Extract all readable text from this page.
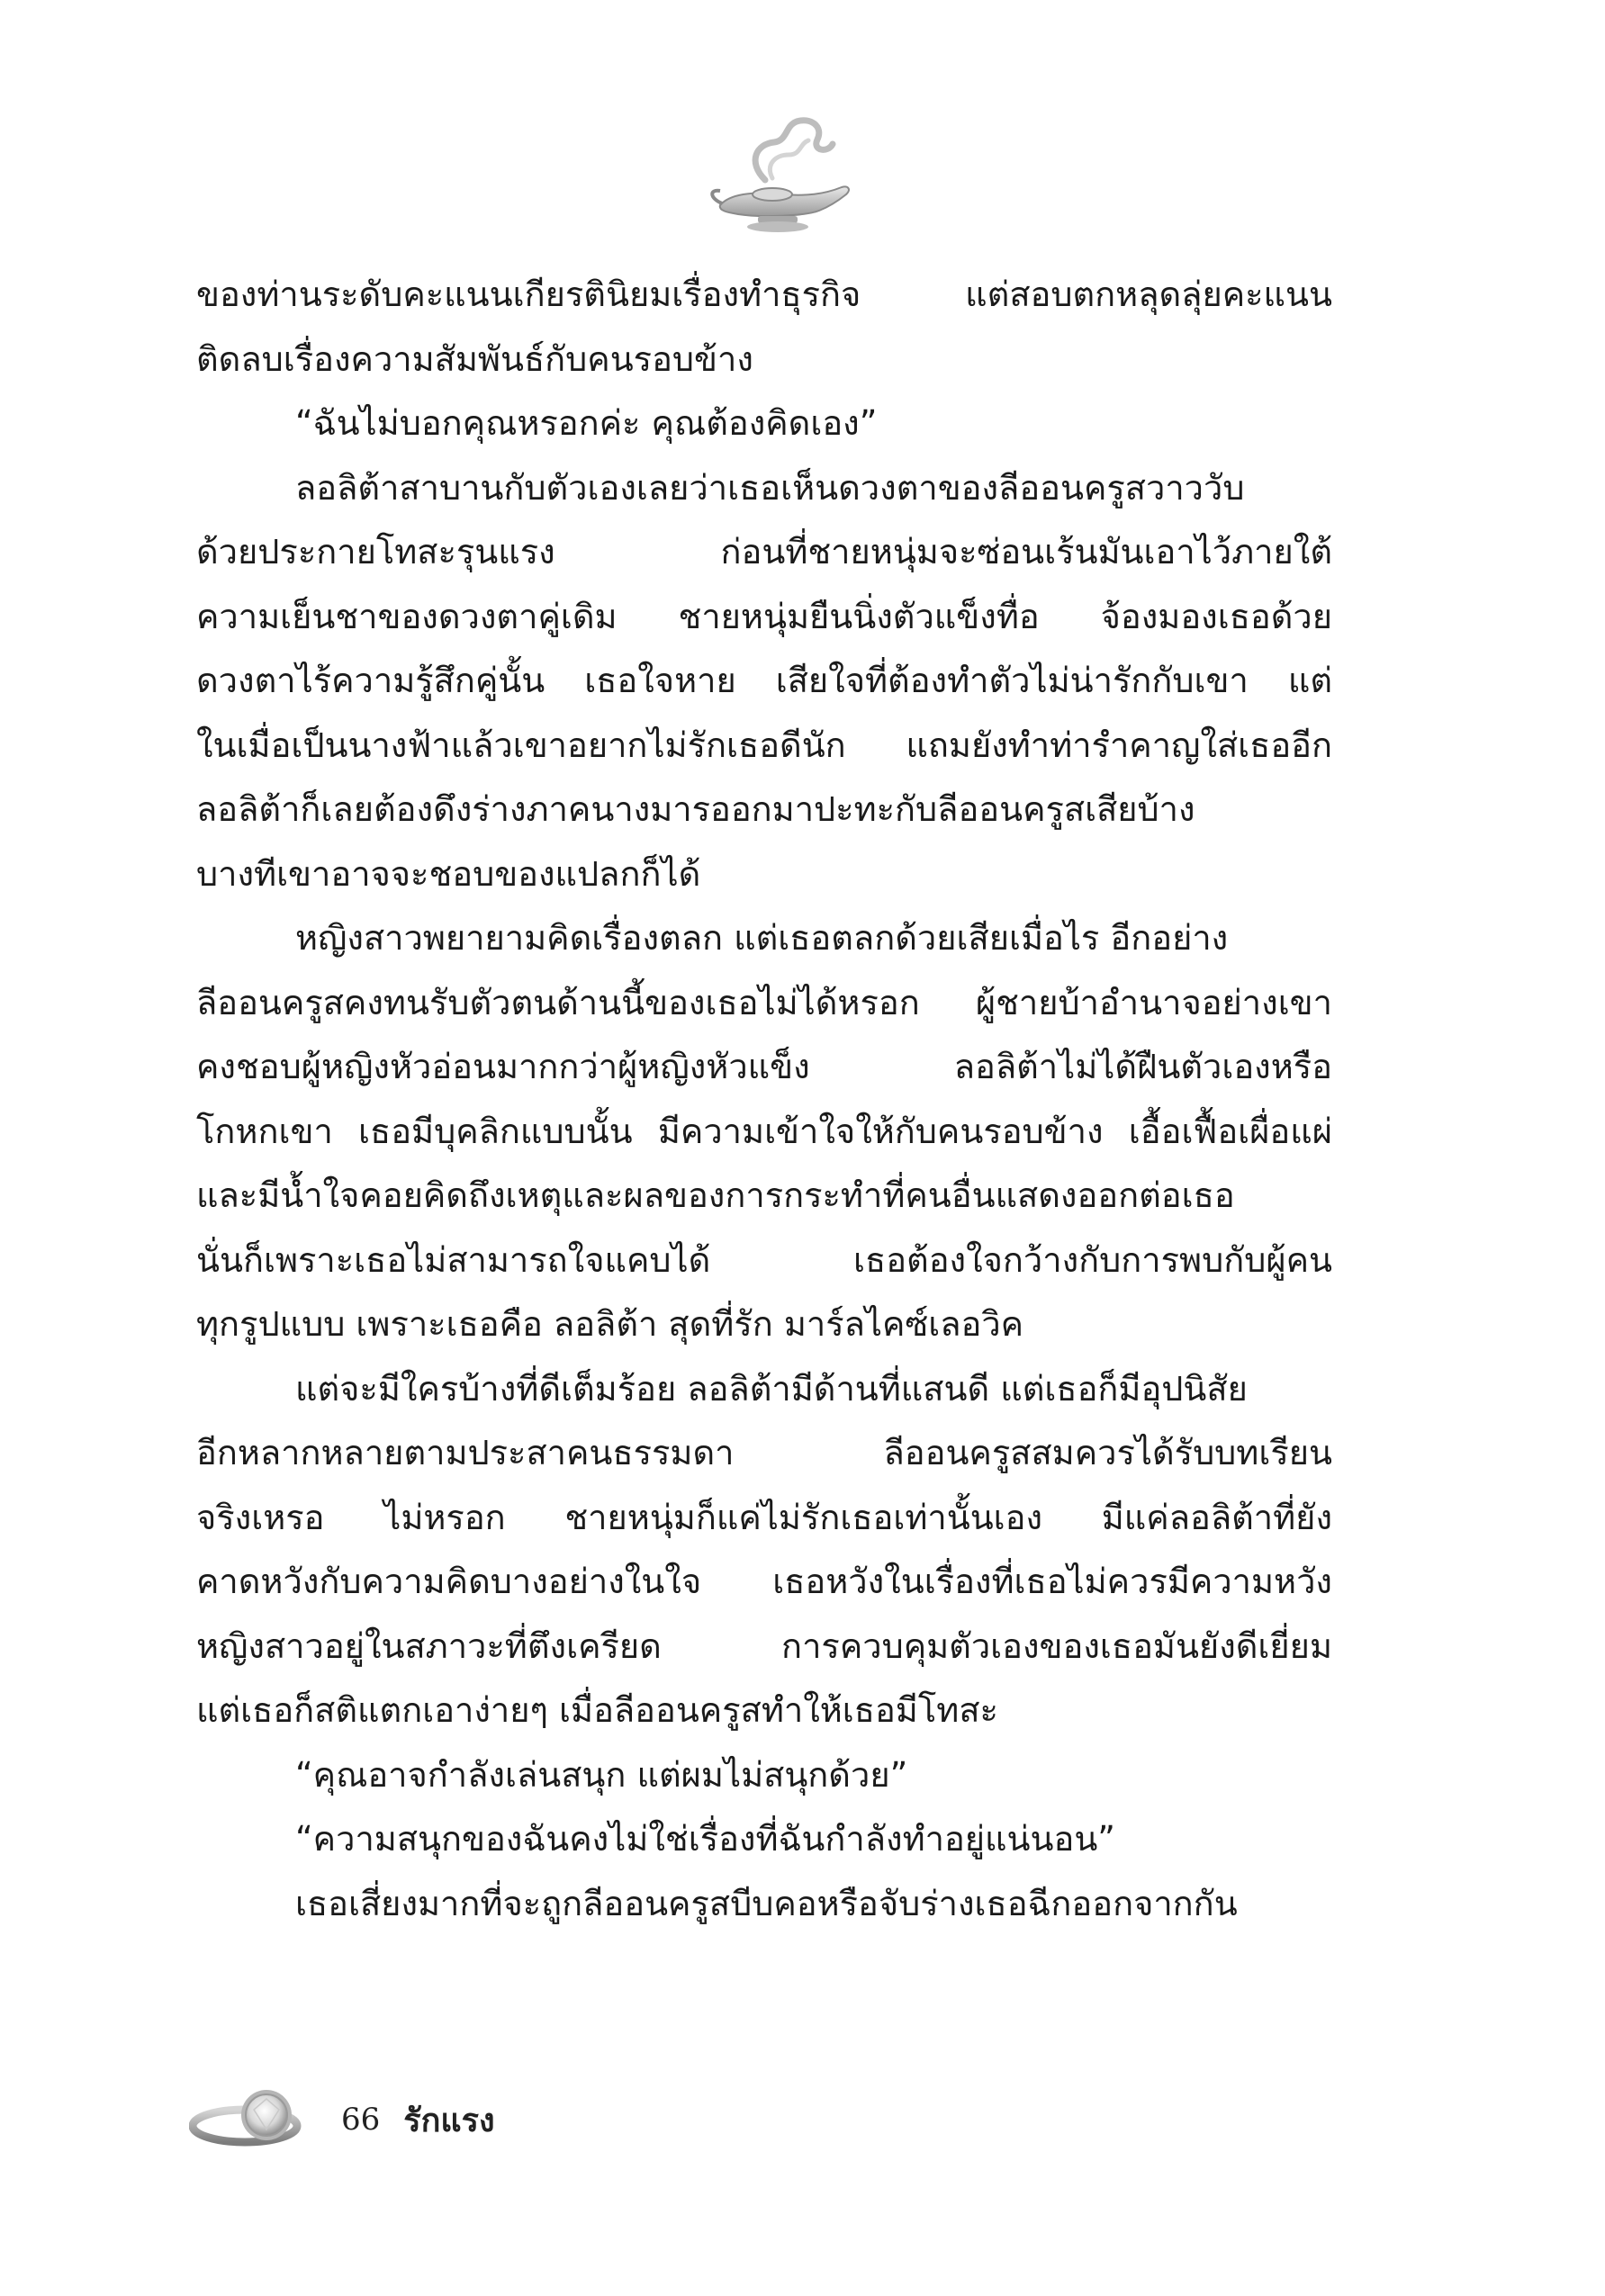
ของท่านระดับคะแนนเกียรตินิยมเรื่องทำธุรกิจ แต่สอบตกหลุดลุ่ยคะแนน
ติดลบเรื่องความสัมพันธ์กับคนรอบข้าง

“ฉันไม่บอกคุณหรอกค่ะ คุณต้องคิดเอง”

ลอลิต้าสาบานกับตัวเองเลยว่าเธอเห็นดวงตาของลีออนครูสวาววับ

ด้วยประกายโทสะรุนแรง ก่อนที่ชายหนุ่มจะซ่อนเร้นมันเอาไว้ภายใต้
ความเย็นชาของดวงตาคู่เดิม ชายหนุ่มยืนนิ่งตัวแข็งทื่อ จ้องมองเธอด้วย
ดวงตาไร้ความรู้สึกคู่นั้น เธอใจหาย เสียใจที่ต้องทำตัวไม่น่ารักกับเขา แต่
ในเมื่อเป็นนางฟ้าแล้วเขาอยากไม่รักเธอดีนัก แถมยังทำท่ารำคาญใส่เธออีก
ลอลิต้าก็เลยต้องดึงร่างภาคนางมารออกมาปะทะกับลีออนครูสเสียบ้าง
บางทีเขาอาจจะชอบของแปลกก็ได้

หญิงสาวพยายามคิดเรื่องตลก แต่เธอตลกด้วยเสียเมื่อไร อีกอย่าง

ลีออนครูสคงทนรับตัวตนด้านนี้ของเธอไม่ได้หรอก ผู้ชายบ้าอำนาจอย่างเขา
คงชอบผู้หญิงหัวอ่อนมากกว่าผู้หญิงหัวแข็ง ลอลิต้าไม่ได้ฝืนตัวเองหรือ
โกหกเขา เธอมีบุคลิกแบบนั้น มีความเข้าใจให้กับคนรอบข้าง เอื้อเฟื้อเผื่อแผ่
และมีน้ำใจคอยคิดถึงเหตุและผลของการกระทำที่คนอื่นแสดงออกต่อเธอ
นั่นก็เพราะเธอไม่สามารถใจแคบได้ เธอต้องใจกว้างกับการพบกับผู้คน
ทุกรูปแบบ เพราะเธอคือ ลอลิต้า สุดที่รัก มาร์ลไคซ์เลอวิค

แต่จะมีใครบ้างที่ดีเต็มร้อย ลอลิต้ามีด้านที่แสนดี แต่เธอก็มีอุปนิสัย

อีกหลากหลายตามประสาคนธรรมดา ลีออนครูสสมควรได้รับบทเรียน
จริงเหรอ ไม่หรอก ชายหนุ่มก็แค่ไม่รักเธอเท่านั้นเอง มีแค่ลอลิต้าที่ยัง
คาดหวังกับความคิดบางอย่างในใจ เธอหวังในเรื่องที่เธอไม่ควรมีความหวัง
หญิงสาวอยู่ในสภาวะที่ตึงเครียด การควบคุมตัวเองของเธอมันยังดีเยี่ยม
แต่เธอก็สติแตกเอาง่ายๆ เมื่อลีออนครูสทำให้เธอมีโทสะ

“คุณอาจกำลังเล่นสนุก แต่ผมไม่สนุกด้วย”

“ความสนุกของฉันคงไม่ใช่เรื่องที่ฉันกำลังทำอยู่แน่นอน”

เธอเสี่ยงมากที่จะถูกลีออนครูสบีบคอหรือจับร่างเธอฉีกออกจากกัน

66 รักแรง
